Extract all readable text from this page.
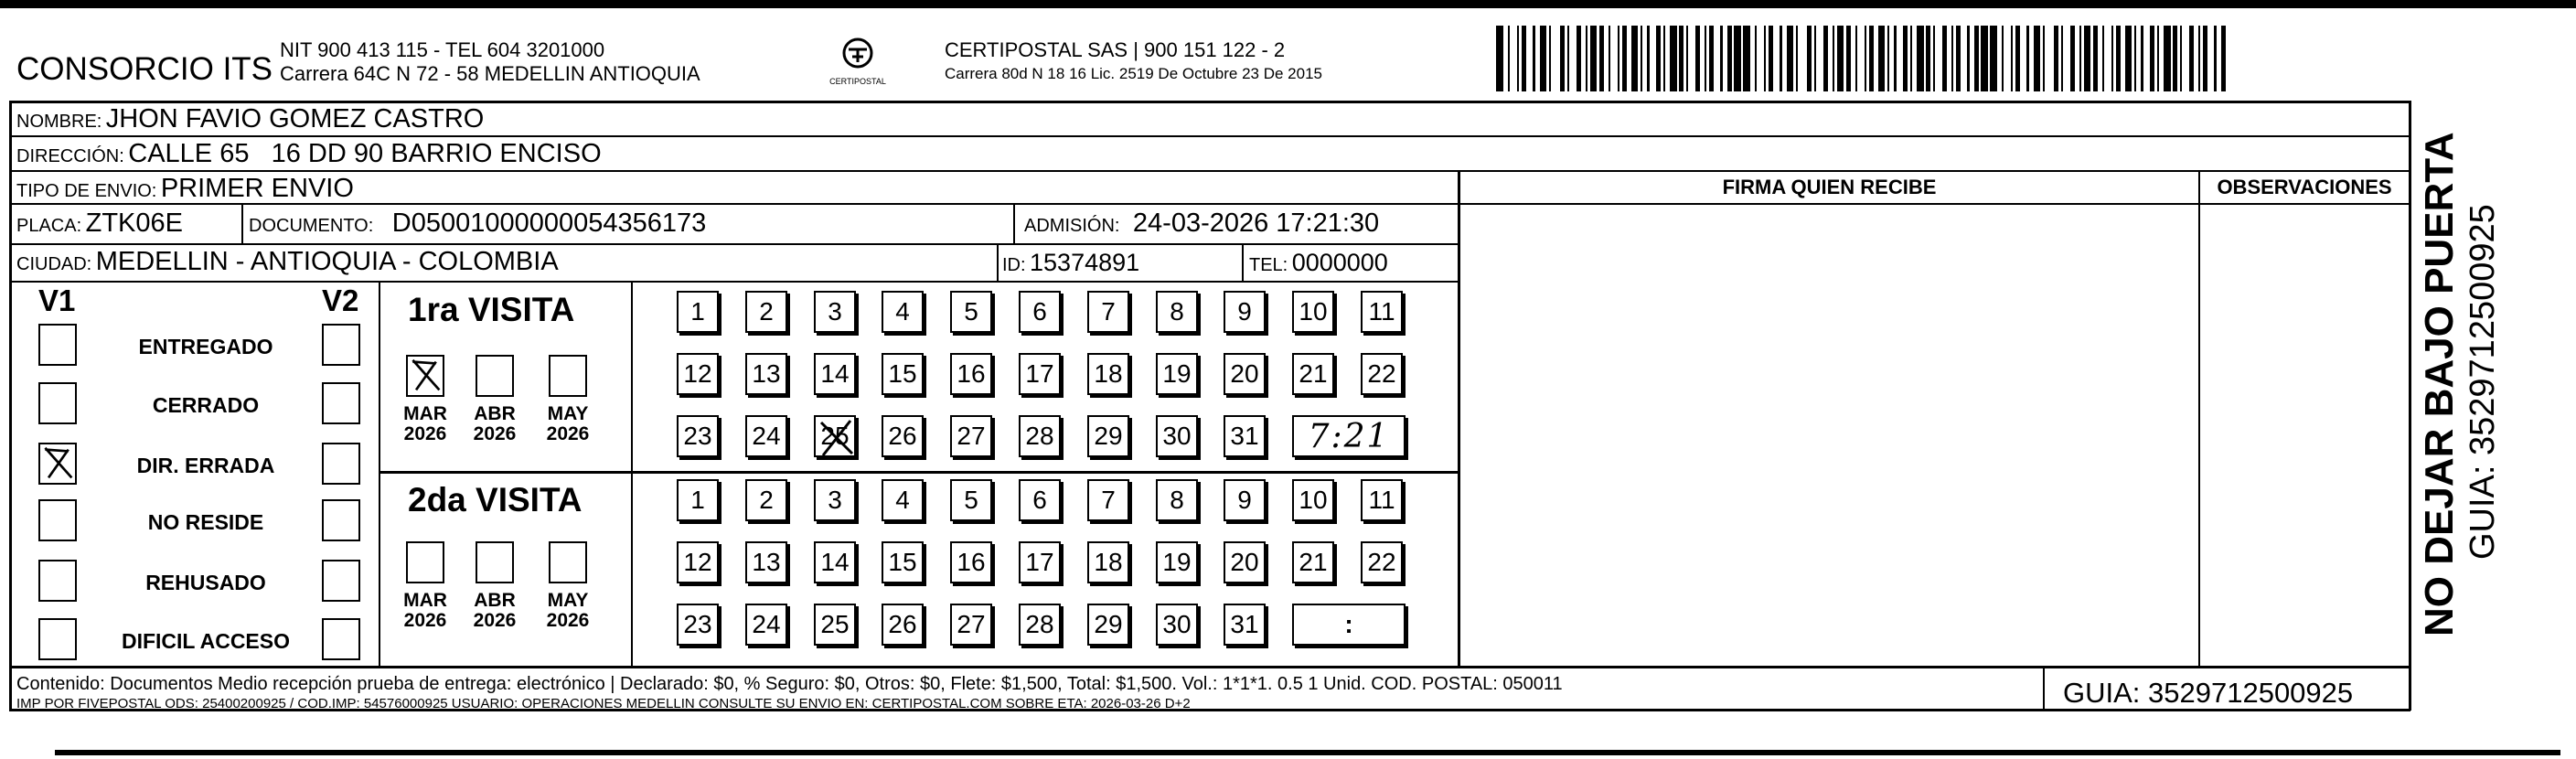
CONSORCIO ITS
NIT 900 413 115 - TEL 604 3201000
Carrera 64C N 72 - 58 MEDELLIN ANTIOQUIA	CERTIPOSTAL
CERTIPOSTAL SAS | 900 151 122 - 2
Carrera 80d N 18 16 Lic. 2519 De Octubre 23 De 2015
NOMBRE: JHON FAVIO GOMEZ CASTRO
DIRECCIÓN: CALLE 65   16 DD 90 BARRIO ENCISO
TIPO DE ENVIO: PRIMER ENVIO	FIRMA QUIEN RECIBE	OBSERVACIONES
PLACA: ZTK06E	DOCUMENTO: D05001000000054356173	ADMISIÓN: 24-03-2026 17:21:30
CIUDAD: MEDELLIN - ANTIOQUIA - COLOMBIA	ID: 15374891	TEL: 0000000
V1	V2
ENTREGADO
CERRADO
DIR. ERRADA
NO RESIDE
REHUSADO
DIFICIL ACCESO
1ra VISITA
2da VISITA
MAR
2026
ABR
2026
MAY
2026
MAR
2026
ABR
2026
MAY
2026
1	2	3	4	5	6	7	8	9	10	11
12 13 14 15 16 17 18 19 20 21 22
23 24 25 26 27 28 29 30 31 7:21
1	2	3	4	5	6	7	8	9	10	11
12 13 14 15 16 17 18 19 20 21 22
23 24 25 26 27 28 29 30 31	:
Contenido: Documentos Medio recepción prueba de entrega: electrónico | Declarado: $0, % Seguro: $0, Otros: $0, Flete: $1,500, Total: $1,500. Vol.: 1*1*1. 0.5 1 Unid. COD. POSTAL: 050011
IMP POR FIVEPOSTAL ODS: 25400200925 / COD.IMP: 54576000925 USUARIO: OPERACIONES MEDELLIN CONSULTE SU ENVIO EN: CERTIPOSTAL.COM SOBRE ETA: 2026-03-26 D+2	GUIA: 3529712500925
NO DEJAR BAJO PUERTA GUIA: 3529712500925
